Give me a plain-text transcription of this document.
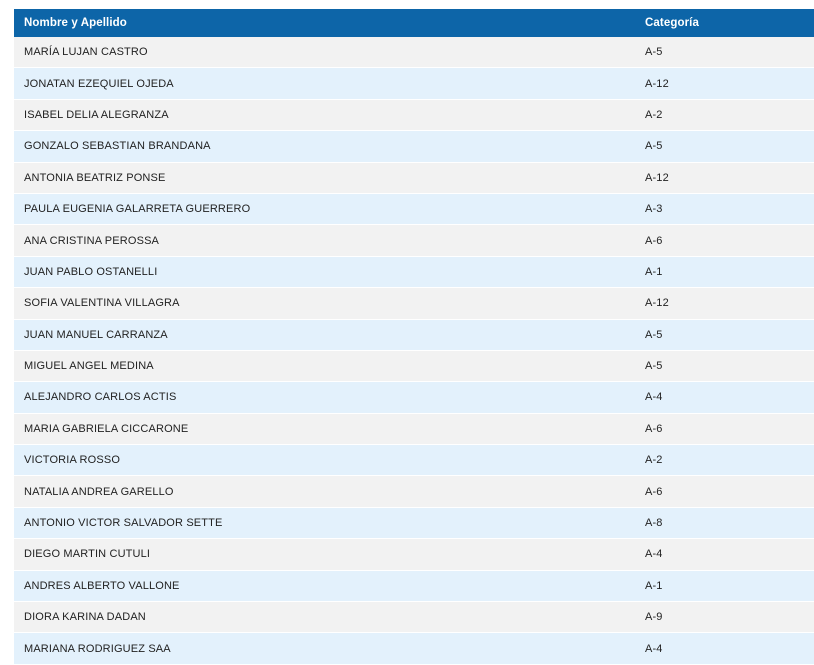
Nombre y Apellido	Categoría
MARÍA LUJAN CASTRO	A-5
JONATAN EZEQUIEL OJEDA	A-12
ISABEL DELIA ALEGRANZA	A-2
GONZALO SEBASTIAN BRANDANA	A-5
ANTONIA BEATRIZ PONSE	A-12
PAULA EUGENIA GALARRETA GUERRERO	A-3
ANA CRISTINA PEROSSA	A-6
JUAN PABLO OSTANELLI	A-1
SOFIA VALENTINA VILLAGRA	A-12
JUAN MANUEL CARRANZA	A-5
MIGUEL ANGEL MEDINA	A-5
ALEJANDRO CARLOS ACTIS	A-4
MARIA GABRIELA CICCARONE	A-6
VICTORIA ROSSO	A-2
NATALIA ANDREA GARELLO	A-6
ANTONIO VICTOR SALVADOR SETTE	A-8
DIEGO MARTIN CUTULI	A-4
ANDRES ALBERTO VALLONE	A-1
DIORA KARINA DADAN	A-9
MARIANA RODRIGUEZ SAA	A-4
